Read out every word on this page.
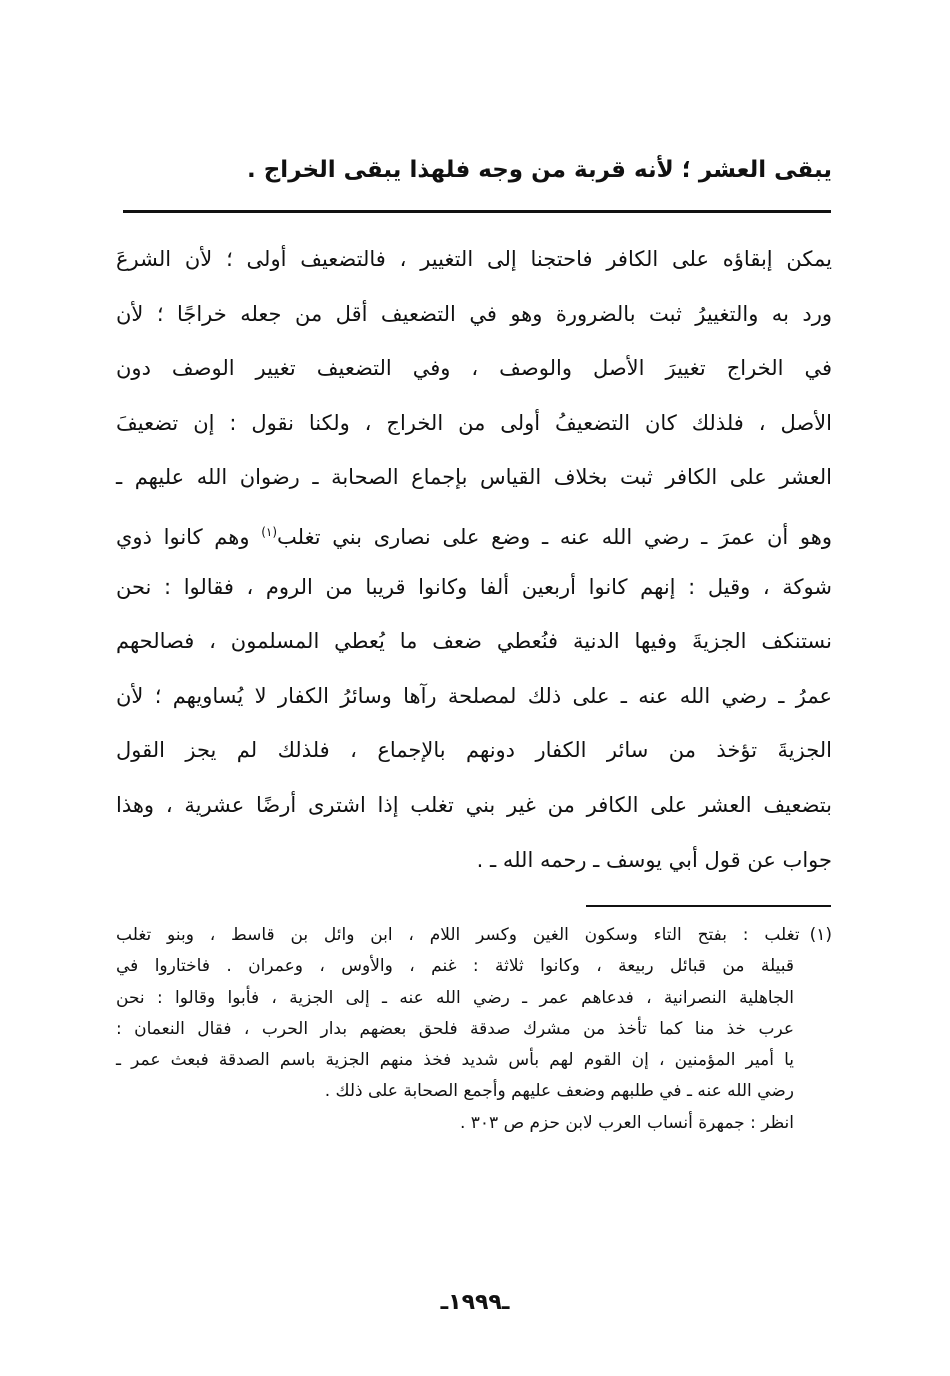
يبقى العشر ؛ لأنه قربة من وجه فلهذا يبقى الخراج .
يمكن إبقاؤه على الكافر فاحتجنا إلى التغيير ، فالتضعيف أولى ؛ لأن الشرعَ
ورد به والتغييرُ ثبت بالضرورة وهو في التضعيف أقل من جعله خراجًا ؛ لأن
في الخراج تغييرَ الأصل والوصف ، وفي التضعيف تغيير الوصف دون
الأصل ، فلذلك كان التضعيفُ أولى من الخراج ، ولكنا نقول : إن تضعيفَ
العشر على الكافر ثبت بخلاف القياس بإجماع الصحابة ـ رضوان الله عليهم ـ
وهو أن عمرَ ـ رضي الله عنه ـ وضع على نصارى بني تغلب$^{(١)}$ وهم كانوا ذوي
شوكة ، وقيل : إنهم كانوا أربعين ألفا وكانوا قريبا من الروم ، فقالوا : نحن
نستنكف الجزيةَ وفيها الدنية فنُعطي ضعف ما يُعطي المسلمون ، فصالحهم
عمرُ ـ رضي الله عنه ـ على ذلك لمصلحة رآها وسائرُ الكفار لا يُساويهم ؛ لأن
الجزيةَ تؤخذ من سائر الكفار دونهم بالإجماع ، فلذلك لم يجز القول
بتضعيف العشر على الكافر من غير بني تغلب إذا اشترى أرضًا عشرية ، وهذا
جواب عن قول أبي يوسف ـ رحمه الله ـ .
(١)تغلب : بفتح التاء وسكون الغين وكسر اللام ، ابن وائل بن قاسط ، وبنو تغلب
قبيلة من قبائل ربيعة ، وكانوا ثلاثة : غنم ، والأوس ، وعمران . فاختاروا في
الجاهلية النصرانية ، فدعاهم عمر ـ رضي الله عنه ـ إلى الجزية ، فأبوا وقالوا : نحن
عرب خذ منا كما تأخذ من مشرك صدقة فلحق بعضهم بدار الحرب ، فقال النعمان :
يا أمير المؤمنين ، إن القوم لهم بأس شديد فخذ منهم الجزية باسم الصدقة فبعث عمر ـ
رضي الله عنه ـ في طلبهم وضعف عليهم وأجمع الصحابة على ذلك .
انظر : جمهرة أنساب العرب لابن حزم ص ٣٠٣ .
ـ١٩٩٩ـ
